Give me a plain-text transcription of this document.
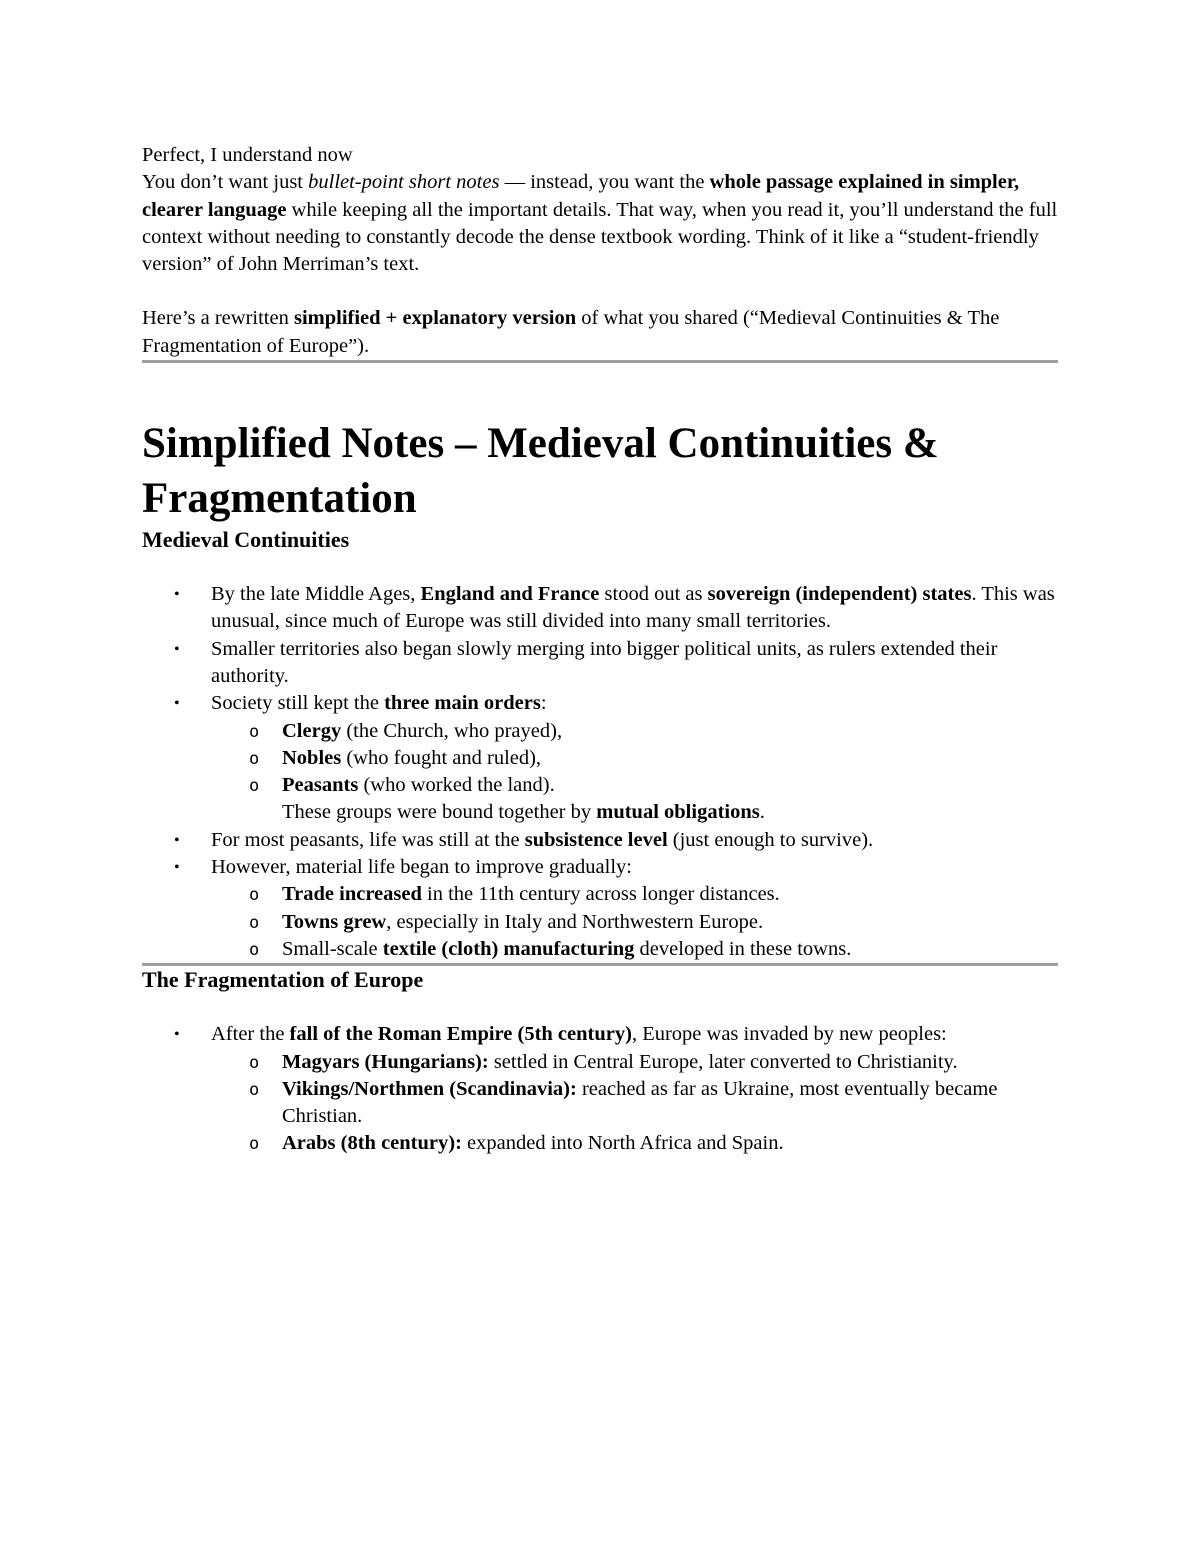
Perfect, I understand now

You don’t want just bullet-point short notes — instead, you want the whole passage explained in simpler, clearer language while keeping all the important details. That way, when you read it, you’ll understand the full context without needing to constantly decode the dense textbook wording. Think of it like a “student-friendly version” of John Merriman’s text.

Here’s a rewritten simplified + explanatory version of what you shared (“Medieval Continuities & The Fragmentation of Europe”).

Simplified Notes – Medieval Continuities & Fragmentation
Medieval Continuities
• By the late Middle Ages, England and France stood out as sovereign (independent) states. This was unusual, since much of Europe was still divided into many small territories.
• Smaller territories also began slowly merging into bigger political units, as rulers extended their authority.
• Society still kept the three main orders:
o Clergy (the Church, who prayed),
o Nobles (who fought and ruled),
o Peasants (who worked the land).
These groups were bound together by mutual obligations.
• For most peasants, life was still at the subsistence level (just enough to survive).
• However, material life began to improve gradually:
o Trade increased in the 11th century across longer distances.
o Towns grew, especially in Italy and Northwestern Europe.
o Small-scale textile (cloth) manufacturing developed in these towns.
The Fragmentation of Europe
• After the fall of the Roman Empire (5th century), Europe was invaded by new peoples:
o Magyars (Hungarians): settled in Central Europe, later converted to Christianity.
o Vikings/Northmen (Scandinavia): reached as far as Ukraine, most eventually became Christian.
o Arabs (8th century): expanded into North Africa and Spain.
